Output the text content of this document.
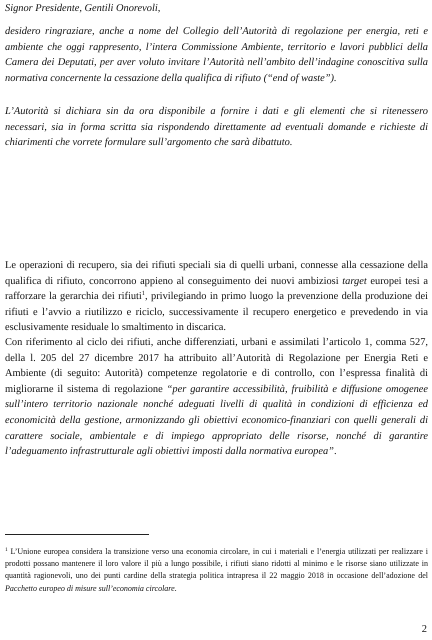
Signor Presidente, Gentili Onorevoli,

desidero ringraziare, anche a nome del Collegio dell’Autorità di regolazione per energia, reti e ambiente che oggi rappresento, l’intera Commissione Ambiente, territorio e lavori pubblici della Camera dei Deputati, per aver voluto invitare l’Autorità nell’ambito dell’indagine conoscitiva sulla normativa concernente la cessazione della qualifica di rifiuto (“end of waste”).

L’Autorità si dichiara sin da ora disponibile a fornire i dati e gli elementi che si ritenessero necessari, sia in forma scritta sia rispondendo direttamente ad eventuali domande e richieste di chiarimenti che vorrete formulare sull’argomento che sarà dibattuto.

Le operazioni di recupero, sia dei rifiuti speciali sia di quelli urbani, connesse alla cessazione della qualifica di rifiuto, concorrono appieno al conseguimento dei nuovi ambiziosi target europei tesi a rafforzare la gerarchia dei rifiuti$^1$, privilegiando in primo luogo la prevenzione della produzione dei rifiuti e l’avvio a riutilizzo e riciclo, successivamente il recupero energetico e prevedendo in via esclusivamente residuale lo smaltimento in discarica.

Con riferimento al ciclo dei rifiuti, anche differenziati, urbani e assimilati l’articolo 1, comma 527, della l. 205 del 27 dicembre 2017 ha attribuito all’Autorità di Regolazione per Energia Reti e Ambiente (di seguito: Autorità) competenze regolatorie e di controllo, con l’espressa finalità di migliorarne il sistema di regolazione “per garantire accessibilità, fruibilità e diffusione omogenee sull’intero territorio nazionale nonché adeguati livelli di qualità in condizioni di efficienza ed economicità della gestione, armonizzando gli obiettivi economico-finanziari con quelli generali di carattere sociale, ambientale e di impiego appropriato delle risorse, nonché di garantire l’adeguamento infrastrutturale agli obiettivi imposti dalla normativa europea”.

$^1$ L’Unione europea considera la transizione verso una economia circolare, in cui i materiali e l’energia utilizzati per realizzare i prodotti possano mantenere il loro valore il più a lungo possibile, i rifiuti siano ridotti al minimo e le risorse siano utilizzate in quantità ragionevoli, uno dei punti cardine della strategia politica intrapresa il 22 maggio 2018 in occasione dell’adozione del Pacchetto europeo di misure sull’economia circolare.

2
